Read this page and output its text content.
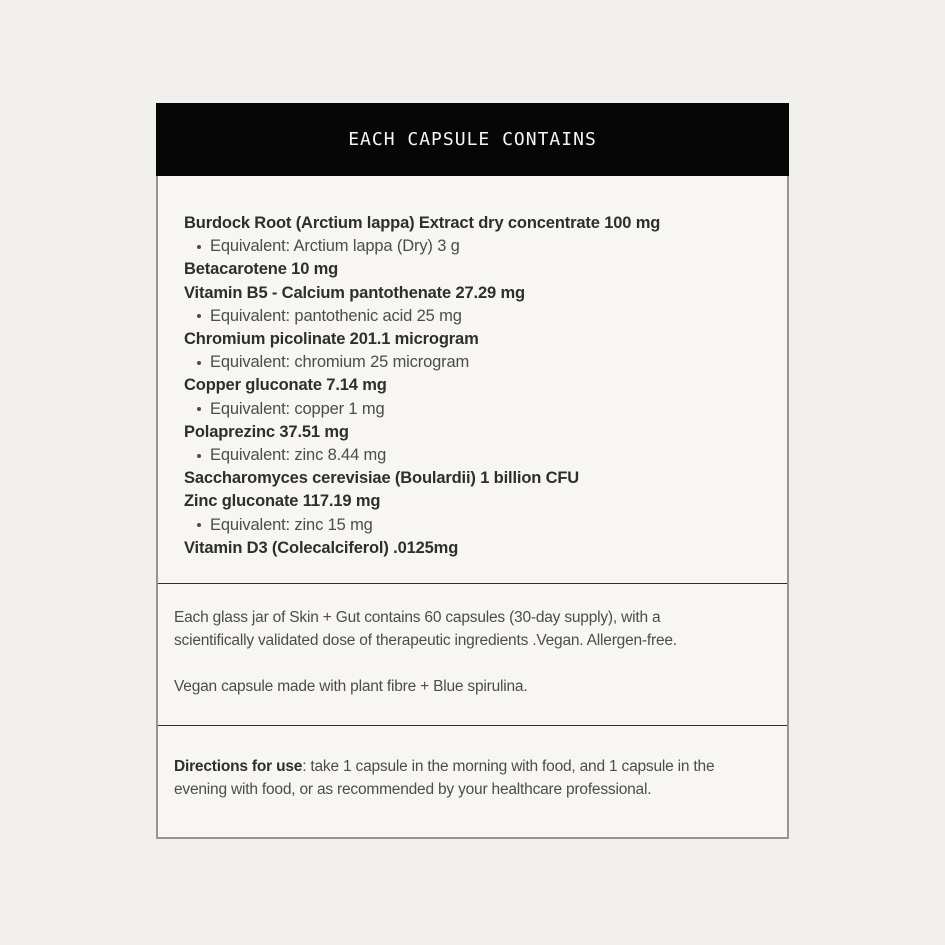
EACH CAPSULE CONTAINS
Burdock Root (Arctium lappa) Extract dry concentrate 100 mg
Equivalent: Arctium lappa (Dry) 3 g
Betacarotene 10 mg
Vitamin B5 - Calcium pantothenate 27.29 mg
Equivalent: pantothenic acid 25 mg
Chromium picolinate 201.1 microgram
Equivalent: chromium 25 microgram
Copper gluconate 7.14 mg
Equivalent: copper 1 mg
Polaprezinc 37.51 mg
Equivalent: zinc 8.44 mg
Saccharomyces cerevisiae (Boulardii) 1 billion CFU
Zinc gluconate 117.19 mg
Equivalent: zinc 15 mg
Vitamin D3 (Colecalciferol) .0125mg
Each glass jar of Skin + Gut contains 60 capsules (30-day supply), with a
scientifically validated dose of therapeutic ingredients .Vegan. Allergen-free.
Vegan capsule made with plant fibre + Blue spirulina.
Directions for use: take 1 capsule in the morning with food, and 1 capsule in the
evening with food, or as recommended by your healthcare professional.
